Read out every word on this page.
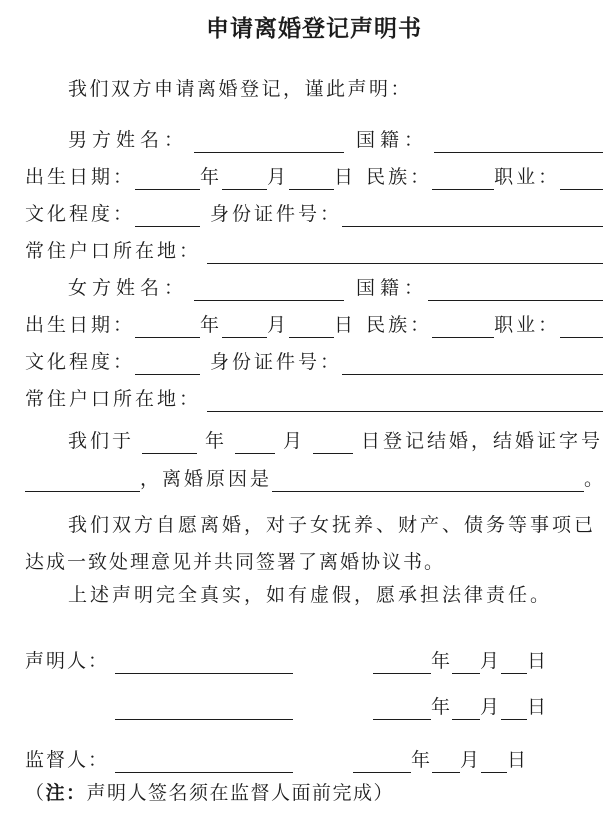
申请离婚登记声明书
我们双方申请离婚登记，谨此声明：
男方姓名：	国籍：
出生日期：	年 月 日 民族：	职业：
文化程度：	身份证件号：
常住户口所在地：
女方姓名：	国籍：
出生日期：	年 月 日 民族：	职业：
文化程度：	身份证件号：
常住户口所在地：
我们于	年	月	日登记结婚，结婚证字号
， 离婚原因是	。
我们双方自愿离婚，对子女抚养、财产、债务等事项已
达成一致处理意见并共同签署了离婚协议书。
上述声明完全真实，如有虚假，愿承担法律责任。
声明人：	年 月 日
年 月 日
监督人：	年 月 日
（ 注： 声明人签名须在监督人面前完成）
